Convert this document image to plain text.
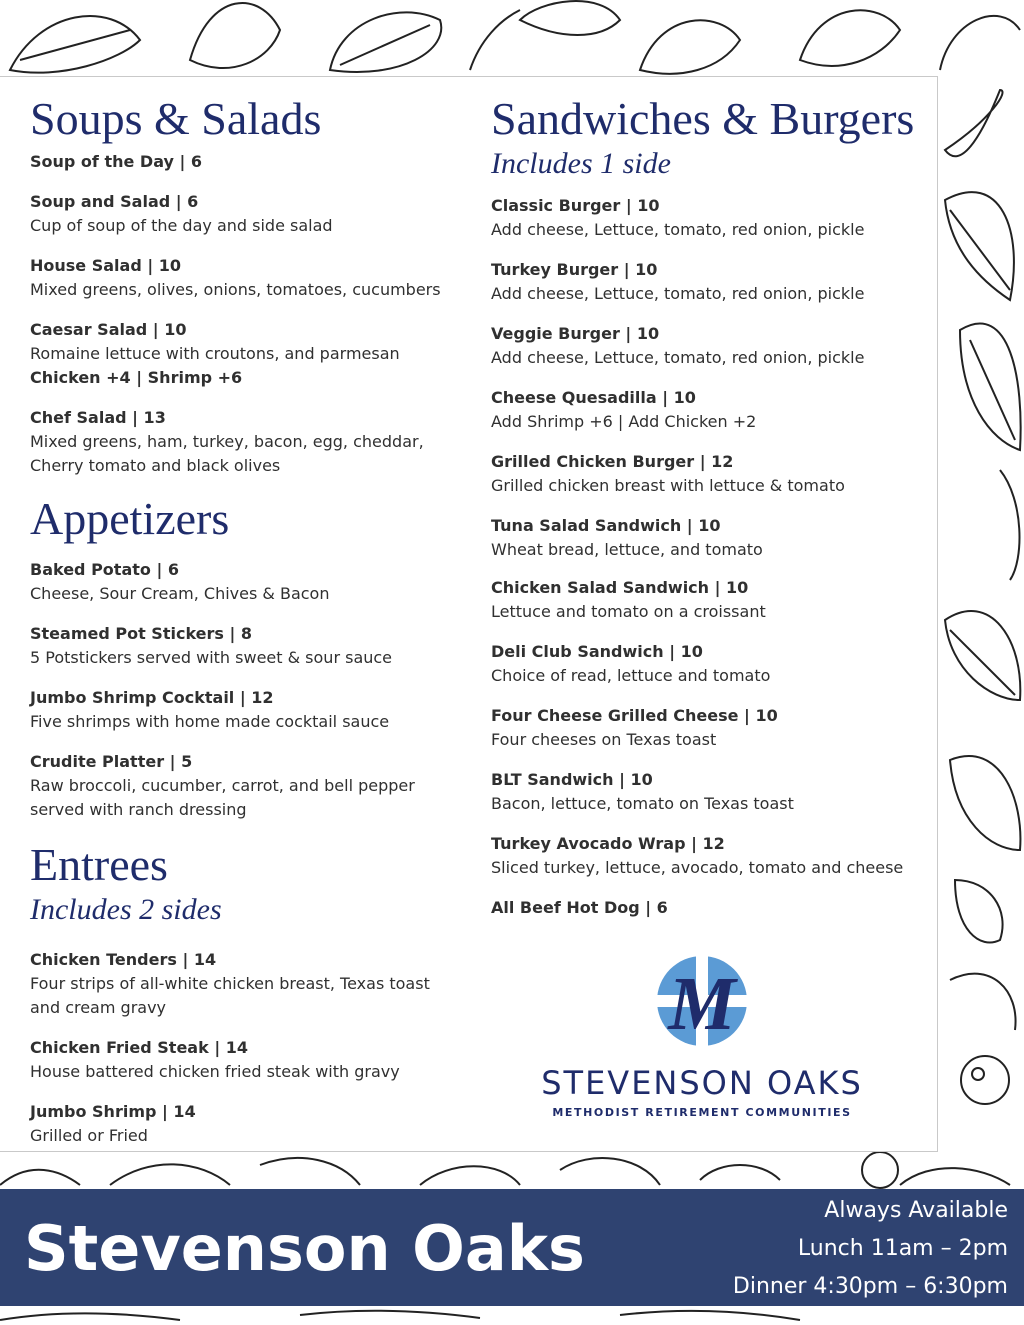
Soups & Salads
Soup of the Day | 6
Soup and Salad | 6
Cup of soup of the day and side salad
House Salad | 10
Mixed greens, olives, onions, tomatoes, cucumbers
Caesar Salad | 10
Romaine lettuce with croutons, and parmesan
Chicken +4 | Shrimp +6
Chef Salad | 13
Mixed greens, ham, turkey, bacon, egg, cheddar,
Cherry tomato and black olives
Appetizers
Baked Potato | 6
Cheese, Sour Cream, Chives & Bacon
Steamed Pot Stickers | 8
5 Potstickers served with sweet & sour sauce
Jumbo Shrimp Cocktail | 12
Five shrimps with home made cocktail sauce
Crudite Platter | 5
Raw broccoli, cucumber, carrot, and bell pepper
served with ranch dressing
Entrees
Includes 2 sides
Chicken Tenders | 14
Four strips of all-white chicken breast, Texas toast
and cream gravy
Chicken Fried Steak | 14
House battered chicken fried steak with gravy
Jumbo Shrimp | 14
Grilled or Fried
Sandwiches & Burgers
Includes 1 side
Classic Burger | 10
Add cheese, Lettuce, tomato, red onion, pickle
Turkey Burger | 10
Add cheese, Lettuce, tomato, red onion, pickle
Veggie Burger | 10
Add cheese, Lettuce, tomato, red onion, pickle
Cheese Quesadilla | 10
Add Shrimp +6 | Add Chicken +2
Grilled Chicken Burger | 12
Grilled chicken breast with lettuce & tomato
Tuna Salad Sandwich | 10
Wheat bread, lettuce, and tomato
Chicken Salad Sandwich | 10
Lettuce and tomato on a croissant
Deli Club Sandwich | 10
Choice of read, lettuce and tomato
Four Cheese Grilled Cheese | 10
Four cheeses on Texas toast
BLT Sandwich | 10
Bacon, lettuce, tomato on Texas toast
Turkey Avocado Wrap | 12
Sliced turkey, lettuce, avocado, tomato and cheese
All Beef Hot Dog | 6
M
STEVENSON OAKS
METHODIST RETIREMENT COMMUNITIES
Stevenson Oaks
Always Available
Lunch 11am – 2pm
Dinner 4:30pm – 6:30pm
